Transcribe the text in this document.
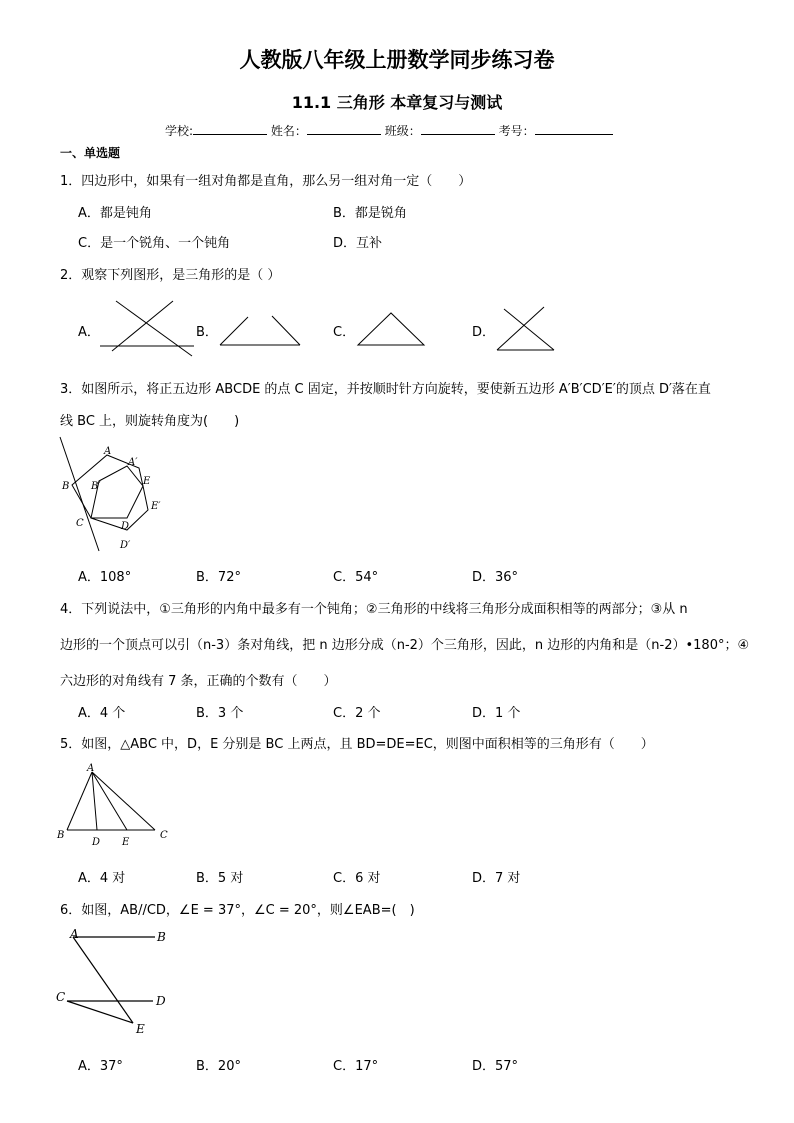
人教版八年级上册数学同步练习卷
11.1 三角形 本章复习与测试
学校:	姓名：	班级：	考号：
一、单选题
1．四边形中，如果有一组对角都是直角，那么另一组对角一定（　　）
A．都是钝角	B．都是锐角
C．是一个锐角、一个钝角	D．互补
2．观察下列图形，是三角形的是（ ）
A．	B．	C．	D．
3．如图所示，将正五边形 ABCDE 的点 C 固定，并按顺时针方向旋转，要使新五边形 A′B′CD′E′的顶点 D′落在直
线 BC 上，则旋转角度为(　　)
A
A′
B B′	E
E′
C	D
D′
A．108°	B．72°	C．54°	D．36°
4．下列说法中，①三角形的内角中最多有一个钝角；②三角形的中线将三角形分成面积相等的两部分；③从 n
边形的一个顶点可以引（n-3）条对角线，把 n 边形分成（n-2）个三角形，因此，n 边形的内角和是（n-2）•180°；④
六边形的对角线有 7 条，正确的个数有（　　）
A．4 个	B．3 个	C．2 个	D．1 个
5．如图，△ABC 中，D，E 分别是 BC 上两点，且 BD=DE=EC，则图中面积相等的三角形有（　　）
A
B
D E
C
A．4 对	B．5 对	C．6 对	D．7 对
6．如图，AB//CD，∠E = 37°，∠C = 20°，则∠EAB=(　)
A	B
C	D
E
A．37°	B．20°	C．17°	D．57°
